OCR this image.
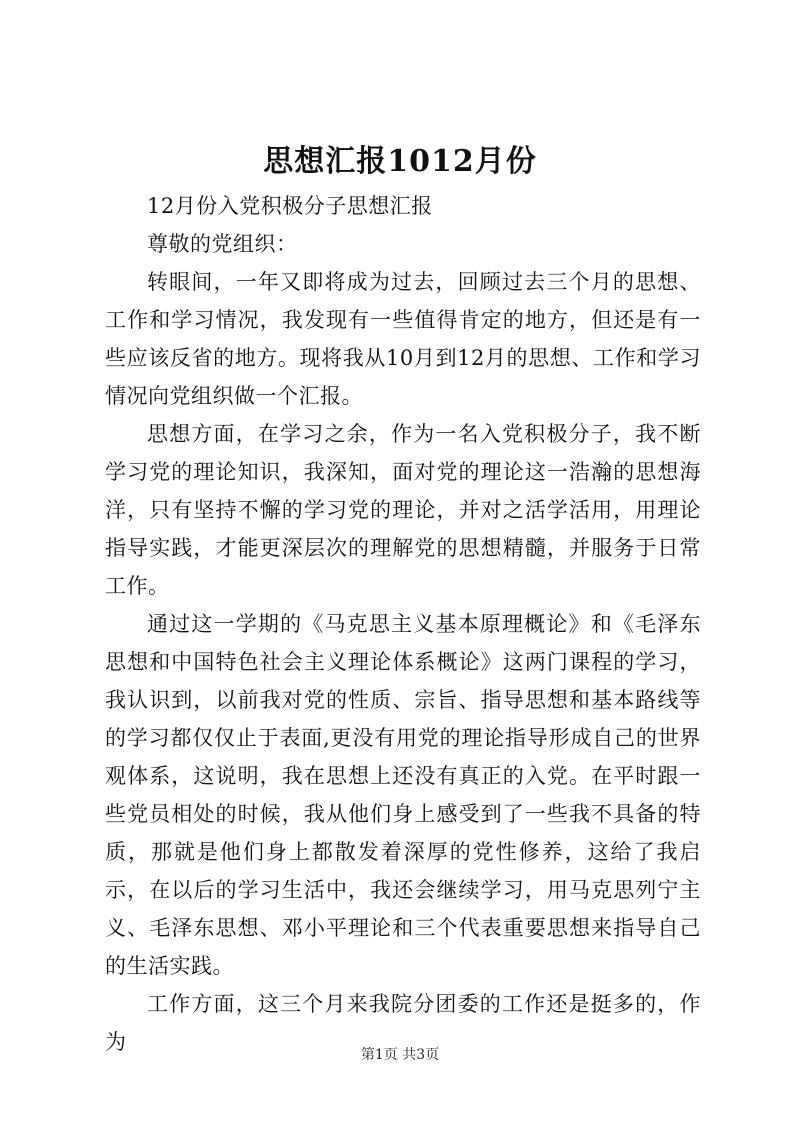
思想汇报1012月份

12月份入党积极分子思想汇报

尊敬的党组织：

转眼间，一年又即将成为过去，回顾过去三个月的思想、工作和学习情况，我发现有一些值得肯定的地方，但还是有一些应该反省的地方。现将我从10月到12月的思想、工作和学习情况向党组织做一个汇报。

思想方面，在学习之余，作为一名入党积极分子，我不断学习党的理论知识，我深知，面对党的理论这一浩瀚的思想海洋，只有坚持不懈的学习党的理论，并对之活学活用，用理论指导实践，才能更深层次的理解党的思想精髓，并服务于日常工作。

通过这一学期的《马克思主义基本原理概论》和《毛泽东思想和中国特色社会主义理论体系概论》这两门课程的学习，我认识到，以前我对党的性质、宗旨、指导思想和基本路线等的学习都仅仅止于表面,更没有用党的理论指导形成自己的世界观体系，这说明，我在思想上还没有真正的入党。在平时跟一些党员相处的时候，我从他们身上感受到了一些我不具备的特质，那就是他们身上都散发着深厚的党性修养，这给了我启示，在以后的学习生活中，我还会继续学习，用马克思列宁主义、毛泽东思想、邓小平理论和三个代表重要思想来指导自己的生活实践。

工作方面，这三个月来我院分团委的工作还是挺多的，作为

第1页 共3页
